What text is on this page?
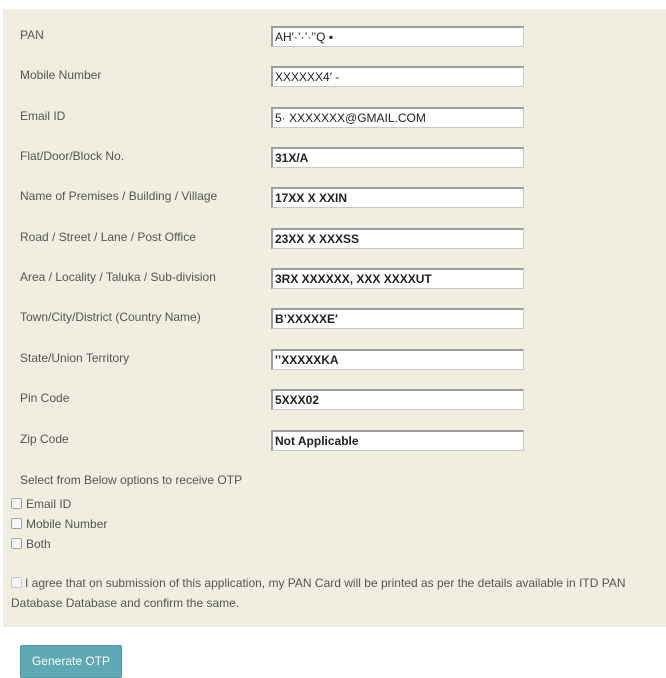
PAN	AH′·’·’·′’Q ▪
Mobile Number	XXXXXX4′ -
Email ID	5· XXXXXXX@GMAIL.COM
Flat/Door/Block No.	31X/A
Name of Premises / Building / Village	17XX X XXIN
Road / Street / Lane / Post Office	23XX X XXXSS
Area / Locality / Taluka / Sub-division	3RX XXXXXX, XXX XXXXUT
Town/City/District (Country Name)	B’XXXXXE′
State/Union Territory	′’XXXXXKA
Pin Code	5XXX02
Zip Code	Not Applicable
Select from Below options to receive OTP
Email ID
Mobile Number
Both
I agree that on submission of this application, my PAN Card will be printed as per the details available in ITD PAN Database Database and confirm the same.
Generate OTP
